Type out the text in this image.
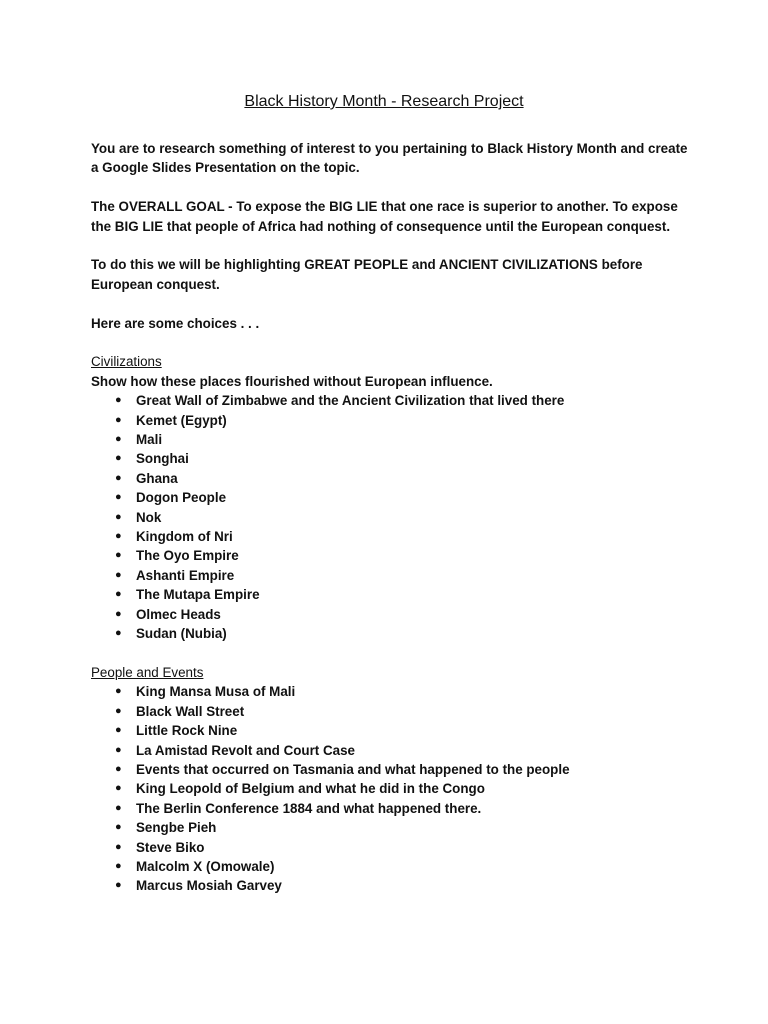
Black History Month - Research Project

You are to research something of interest to you pertaining to Black History Month and create a Google Slides Presentation on the topic.

The OVERALL GOAL - To expose the BIG LIE that one race is superior to another. To expose the BIG LIE that people of Africa had nothing of consequence until the European conquest.

To do this we will be highlighting GREAT PEOPLE and ANCIENT CIVILIZATIONS before European conquest.

Here are some choices . . .

Civilizations

Show how these places flourished without European influence.

● Great Wall of Zimbabwe and the Ancient Civilization that lived there
● Kemet (Egypt)
● Mali
● Songhai
● Ghana
● Dogon People
● Nok
● Kingdom of Nri
● The Oyo Empire
● Ashanti Empire
● The Mutapa Empire
● Olmec Heads
● Sudan (Nubia)

People and Events

● King Mansa Musa of Mali
● Black Wall Street
● Little Rock Nine
● La Amistad Revolt and Court Case
● Events that occurred on Tasmania and what happened to the people
● King Leopold of Belgium and what he did in the Congo
● The Berlin Conference 1884 and what happened there.
● Sengbe Pieh
● Steve Biko
● Malcolm X (Omowale)
● Marcus Mosiah Garvey
